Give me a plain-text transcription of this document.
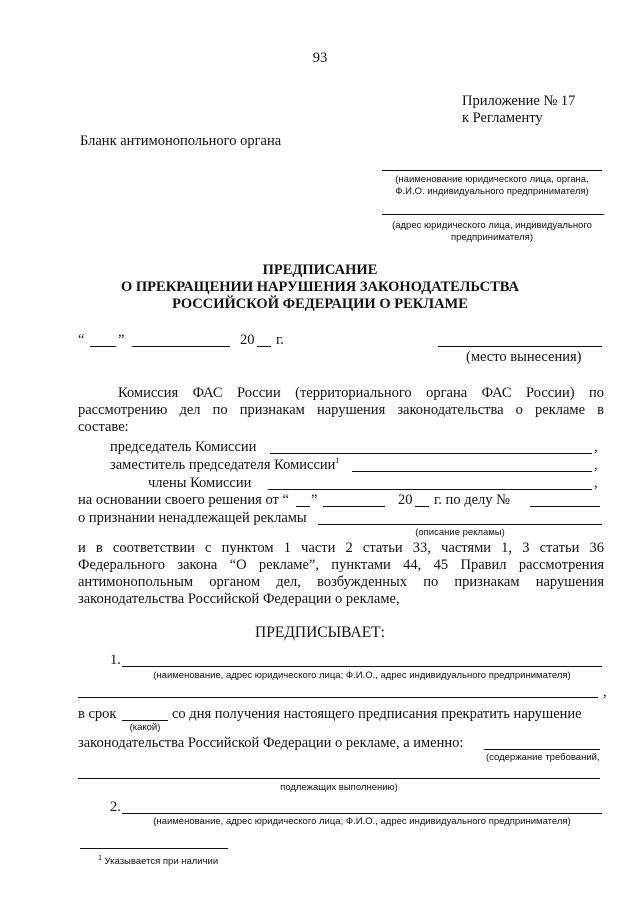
93
Приложение № 17
к Регламенту
Бланк антимонопольного органа
(наименование юридического лица, органа,
Ф.И.О. индивидуального предпринимателя)
(адрес юридического лица, индивидуального
предпринимателя)
ПРЕДПИСАНИЕ
О ПРЕКРАЩЕНИИ НАРУШЕНИЯ ЗАКОНОДАТЕЛЬСТВА
РОССИЙСКОЙ ФЕДЕРАЦИИ О РЕКЛАМЕ
“ ”	20 г.
(место вынесения)
Комиссия ФАС России (территориального органа ФАС России) по
рассмотрению дел по признакам нарушения законодательства о рекламе в
составе:
председатель Комиссии	,
заместитель председателя Комиссии$^1$	,
члены Комиссии	,
на основании своего решения от “ ”	20 г. по делу №
о признании ненадлежащей рекламы
(описание рекламы)
и в соответствии с пунктом 1 части 2 статьи 33, частями 1, 3 статьи 36
Федерального закона “О рекламе”, пунктами 44, 45 Правил рассмотрения
антимонопольным органом дел, возбужденных по признакам нарушения
законодательства Российской Федерации о рекламе,
ПРЕДПИСЫВАЕТ:
1.
(наименование, адрес юридического лица; Ф.И.О., адрес индивидуального предпринимателя)
,
в срок
(какой)
со дня получения настоящего предписания прекратить нарушение
законодательства Российской Федерации о рекламе, а именно:
(содержание требований,
подлежащих выполнению)
2.
(наименование, адрес юридического лица; Ф.И.О., адрес индивидуального предпринимателя)
$^1$ Указывается при наличии
